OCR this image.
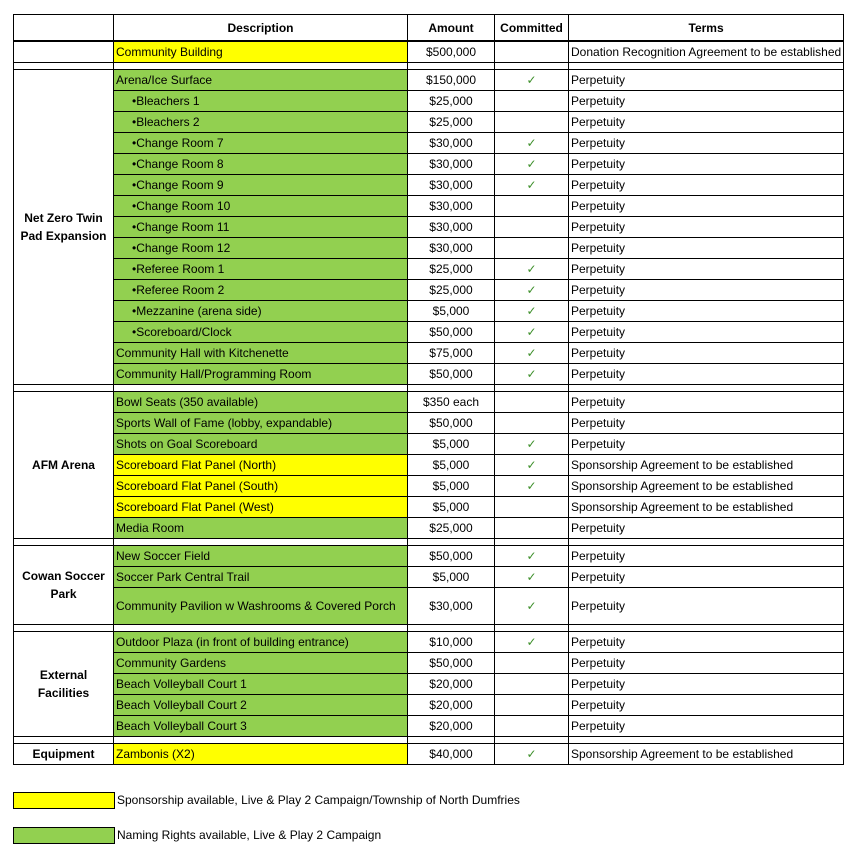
	Description	Amount	Committed	Terms
	Community Building	$500,000		Donation Recognition Agreement to be established

Net Zero Twin Pad Expansion	Arena/Ice Surface	$150,000	✓	Perpetuity
	•Bleachers 1	$25,000		Perpetuity
	•Bleachers 2	$25,000		Perpetuity
	•Change Room 7	$30,000	✓	Perpetuity
	•Change Room 8	$30,000	✓	Perpetuity
	•Change Room 9	$30,000	✓	Perpetuity
	•Change Room 10	$30,000		Perpetuity
	•Change Room 11	$30,000		Perpetuity
	•Change Room 12	$30,000		Perpetuity
	•Referee Room 1	$25,000	✓	Perpetuity
	•Referee Room 2	$25,000	✓	Perpetuity
	•Mezzanine (arena side)	$5,000	✓	Perpetuity
	•Scoreboard/Clock	$50,000	✓	Perpetuity
	Community Hall with Kitchenette	$75,000	✓	Perpetuity
	Community Hall/Programming Room	$50,000	✓	Perpetuity

AFM Arena	Bowl Seats (350 available)	$350 each		Perpetuity
	Sports Wall of Fame (lobby, expandable)	$50,000		Perpetuity
	Shots on Goal Scoreboard	$5,000	✓	Perpetuity
	Scoreboard Flat Panel (North)	$5,000	✓	Sponsorship Agreement to be established
	Scoreboard Flat Panel (South)	$5,000	✓	Sponsorship Agreement to be established
	Scoreboard Flat Panel (West)	$5,000		Sponsorship Agreement to be established
	Media Room	$25,000		Perpetuity

Cowan Soccer Park	New Soccer Field	$50,000	✓	Perpetuity
	Soccer Park Central Trail	$5,000	✓	Perpetuity
	Community Pavilion w Washrooms & Covered Porch	$30,000	✓	Perpetuity

External Facilities	Outdoor Plaza (in front of building entrance)	$10,000	✓	Perpetuity
	Community Gardens	$50,000		Perpetuity
	Beach Volleyball Court 1	$20,000		Perpetuity
	Beach Volleyball Court 2	$20,000		Perpetuity
	Beach Volleyball Court 3	$20,000		Perpetuity

Equipment	Zambonis (X2)	$40,000	✓	Sponsorship Agreement to be established
Sponsorship available, Live & Play 2 Campaign/Township of North Dumfries
Naming Rights available, Live & Play 2 Campaign
